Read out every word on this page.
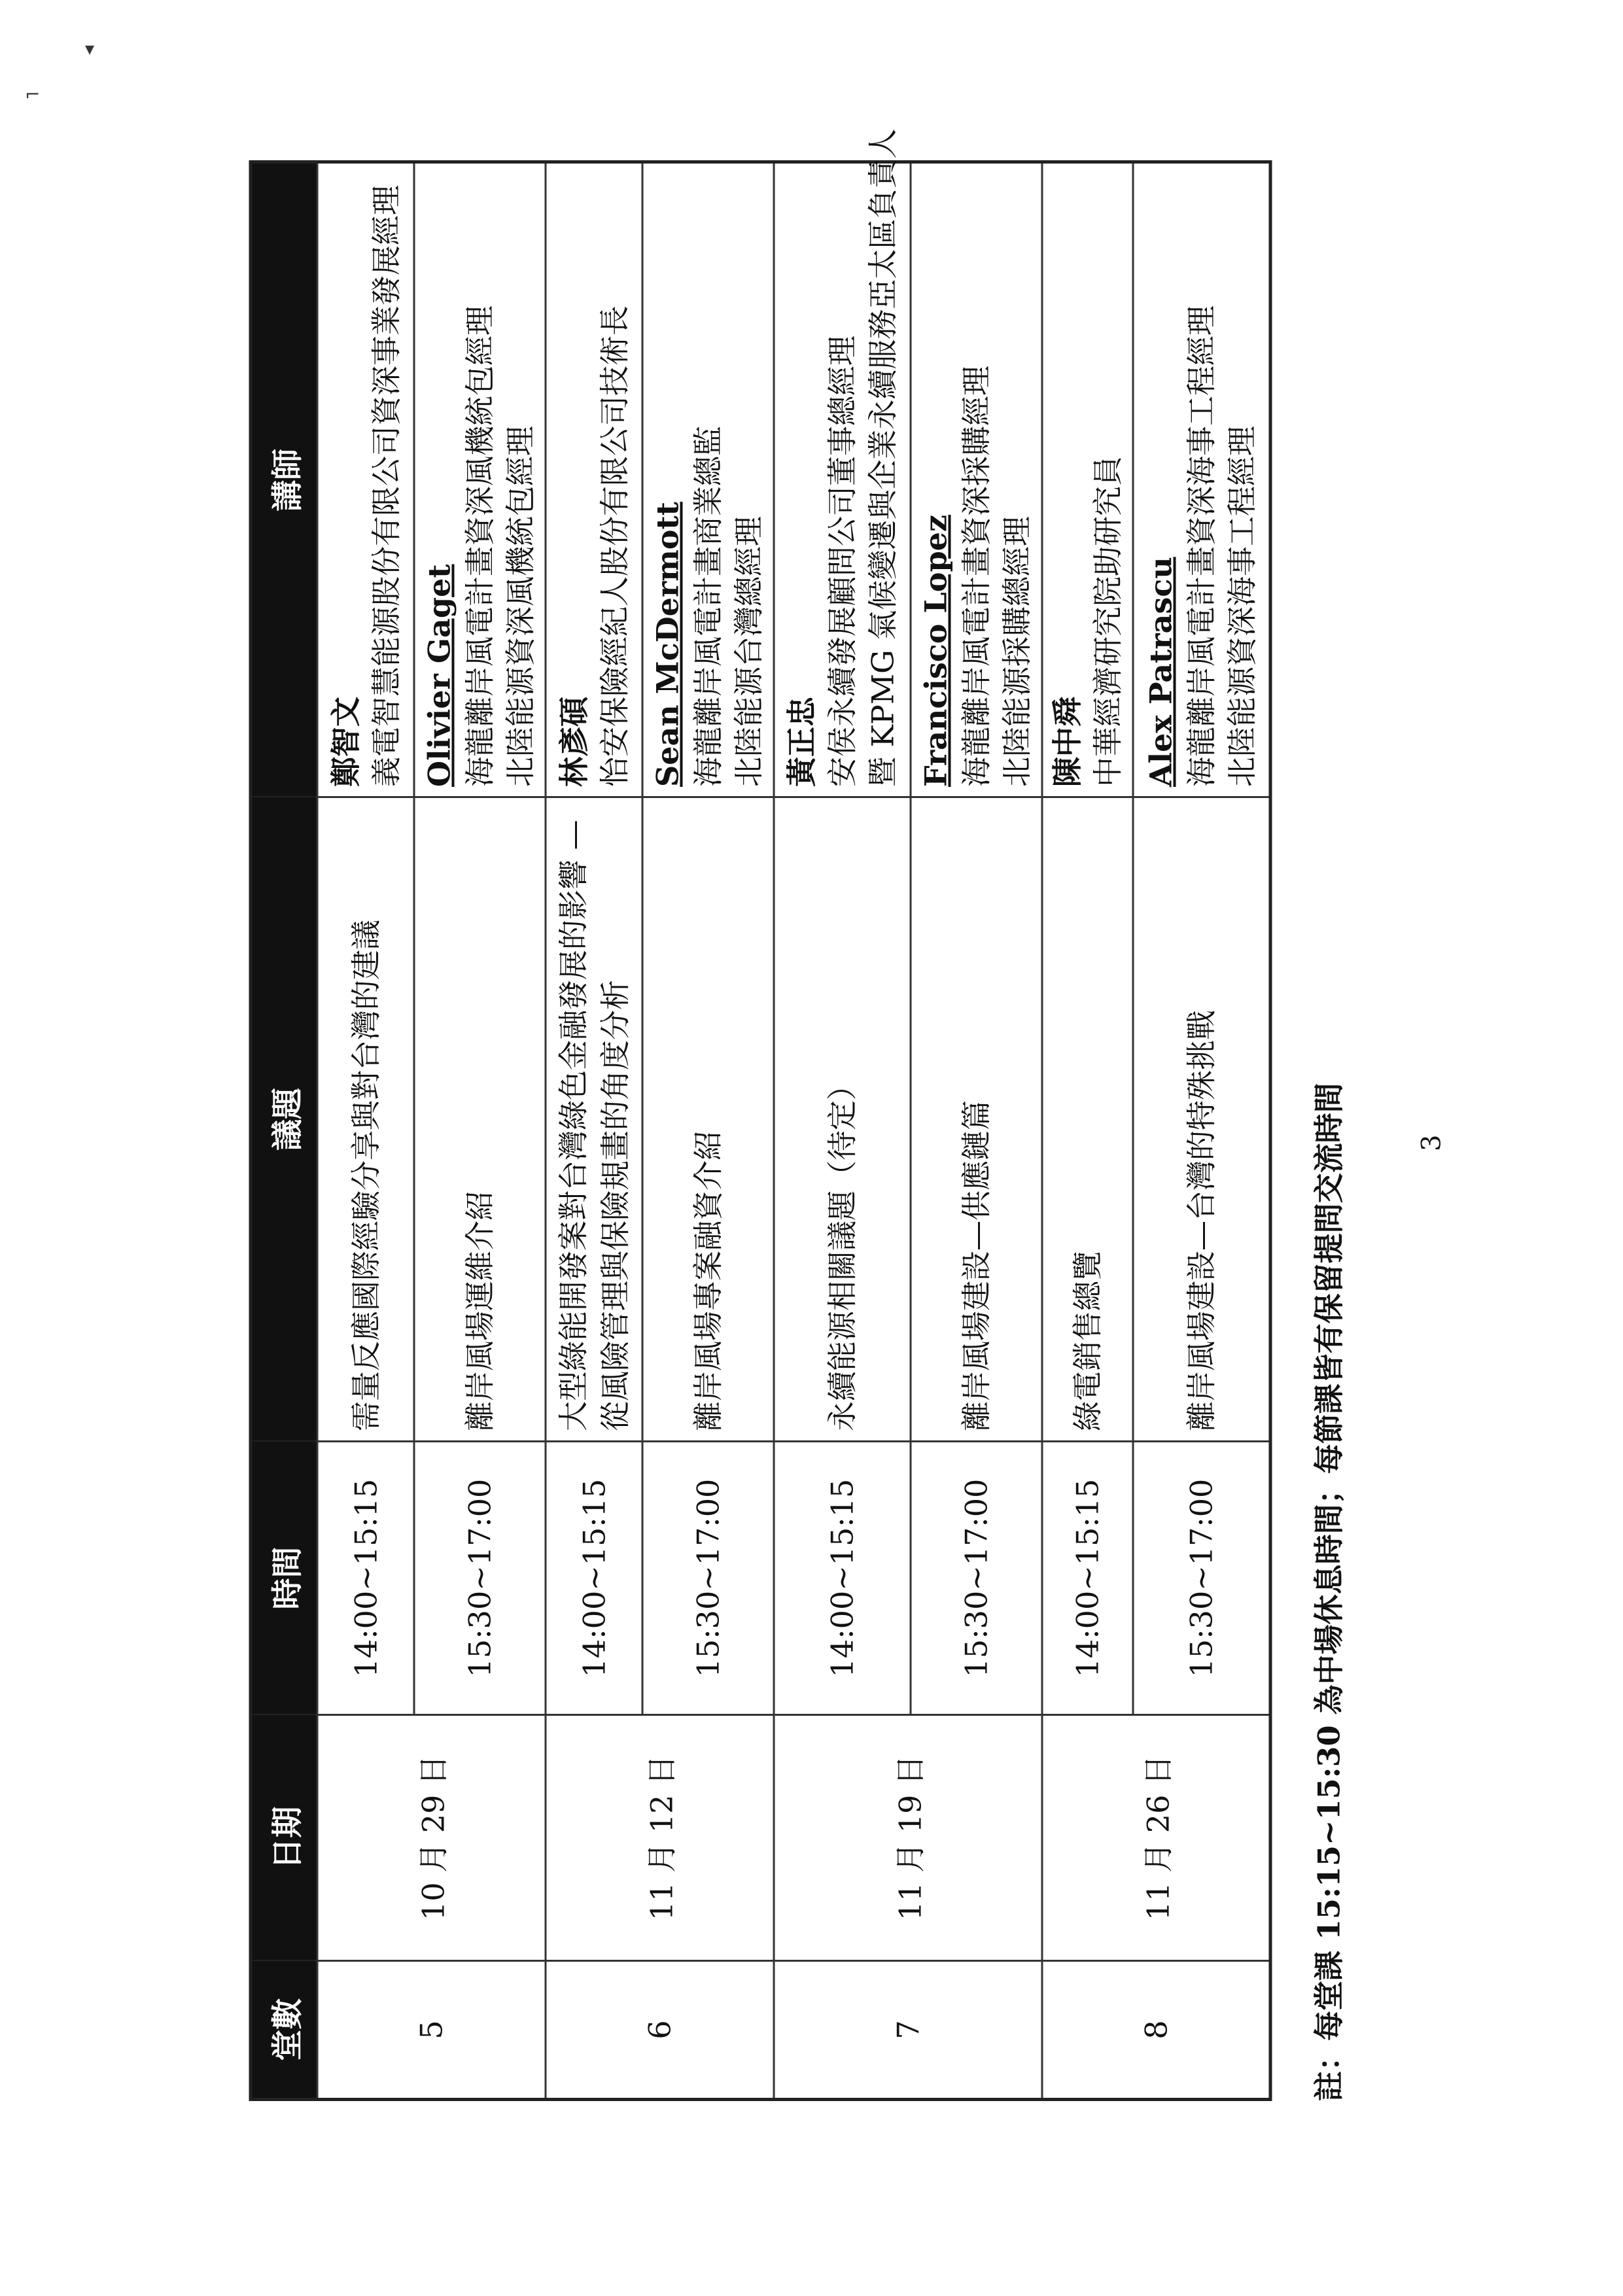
▾
⌐
堂數	日期	時間	議題	講師
5	10 月 29 日	14:00~15:15	需量反應國際經驗分享與對台灣的建議	鄭智文 義電智慧能源股份有限公司資深事業發展經理

		15:30~17:00	離岸風場運維介紹	Olivier Gaget 海龍離岸風電計畫資深風機統包經理 北陸能源資深風機統包經理

6	11 月 12 日	14:00~15:15	大型綠能開發案對台灣綠色金融發展的影響 —從風險管理與保險規畫的角度分析	林彥碩 怡安保險經紀人股份有限公司技術長

		15:30~17:00	離岸風場專案融資介紹	Sean McDermott 海龍離岸風電計畫商業總監 北陸能源台灣總經理

7	11 月 19 日	14:00~15:15	永續能源相關議題（待定）	黃正忠 安侯永續發展顧問公司董事總經理 暨 KPMG 氣候變遷與企業永續服務亞太區負責人

		15:30~17:00	離岸風場建設—供應鏈篇	Francisco Lopez 海龍離岸風電計畫資深採購經理 北陸能源採購總經理

8	11 月 26 日	14:00~15:15	綠電銷售總覽	陳中舜 中華經濟研究院助研究員

		15:30~17:00	離岸風場建設—台灣的特殊挑戰	Alex Patrascu 海龍離岸風電計畫資深海事工程經理 北陸能源資深海事工程經理
註：每堂課 15:15~15:30 為中場休息時間；每節課皆有保留提問交流時間	3
